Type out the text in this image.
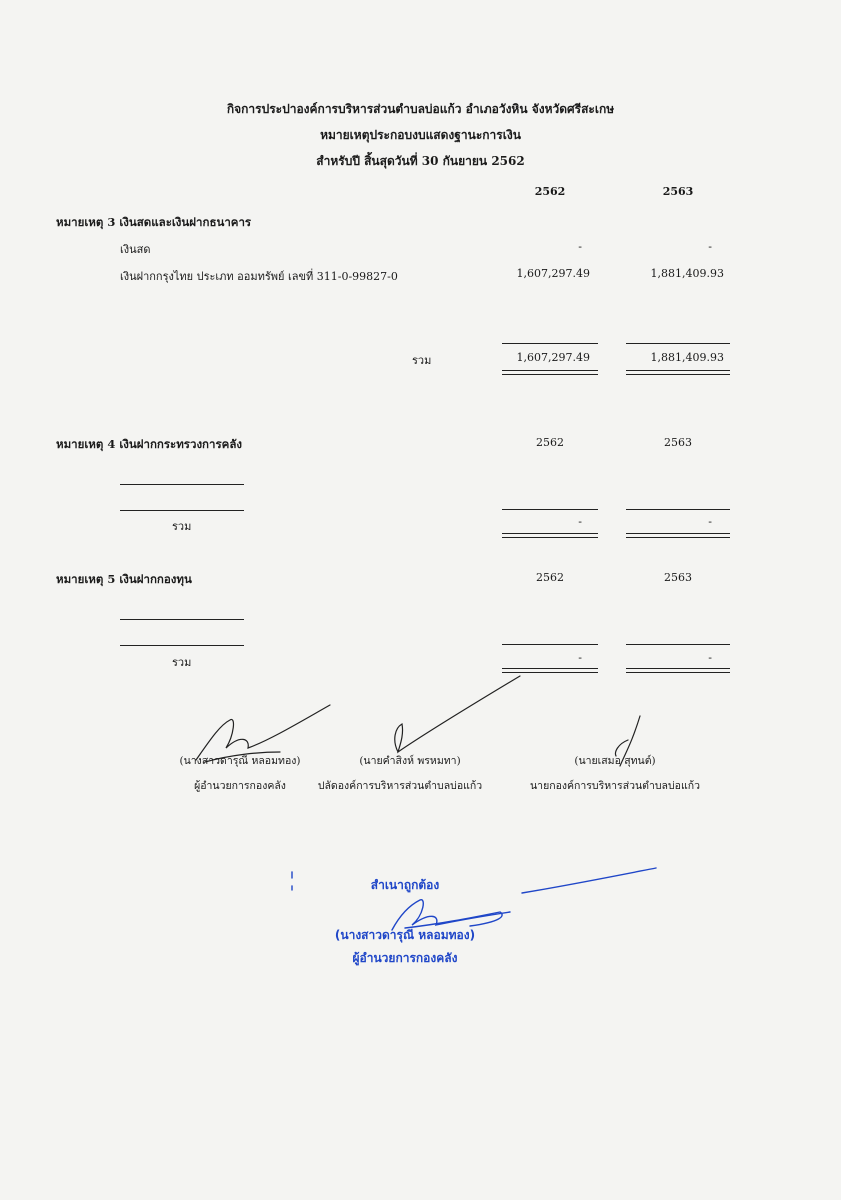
กิจการประปาองค์การบริหารส่วนตำบลบ่อแก้ว อำเภอวังหิน จังหวัดศรีสะเกษ
หมายเหตุประกอบงบแสดงฐานะการเงิน
สำหรับปี สิ้นสุดวันที่ 30 กันยายน 2562
2562	2563
หมายเหตุ 3 เงินสดและเงินฝากธนาคาร
เงินสด	-	-
เงินฝากกรุงไทย ประเภท ออมทรัพย์ เลขที่ 311-0-99827-0	1,607,297.49	1,881,409.93
รวม	1,607,297.49	1,881,409.93
หมายเหตุ 4 เงินฝากกระทรวงการคลัง	2562	2563
รวม	-	-
หมายเหตุ 5 เงินฝากกองทุน	2562	2563
รวม	-	-
(นางสาวดารุณี หลอมทอง)
ผู้อำนวยการกองคลัง
(นายคำสิงห์ พรหมทา)
ปลัดองค์การบริหารส่วนตำบลบ่อแก้ว
(นายเสมอ สุทนต์)
นายกองค์การบริหารส่วนตำบลบ่อแก้ว
สำเนาถูกต้อง
(นางสาวดารุณี หลอมทอง)
ผู้อำนวยการกองคลัง
